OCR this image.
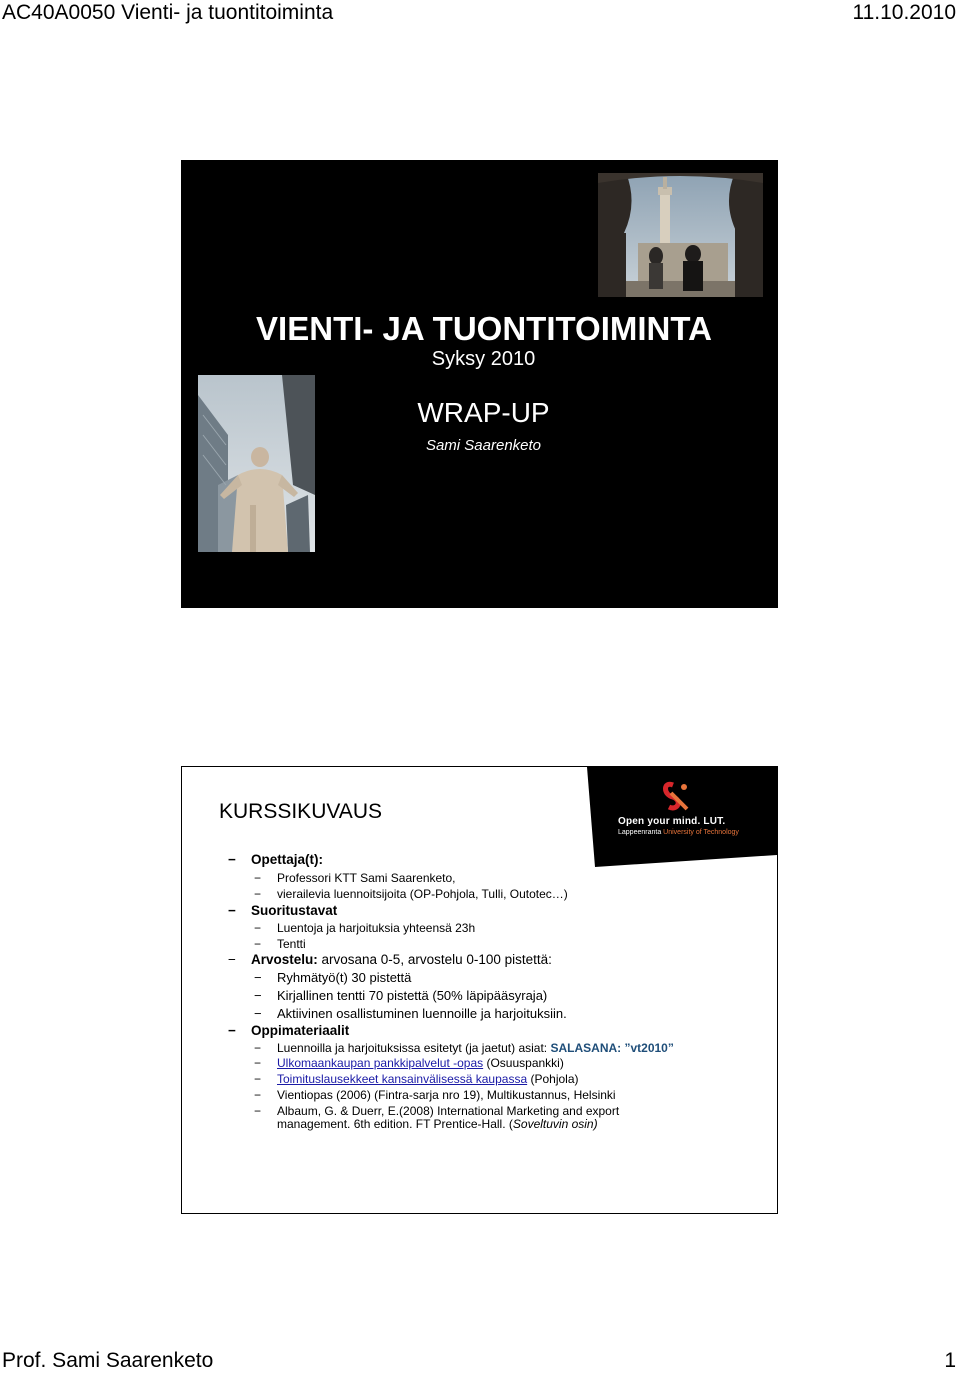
AC40A0050 Vienti- ja tuontitoiminta	11.10.2010
VIENTI- JA TUONTITOIMINTA
Syksy 2010
WRAP-UP
Sami Saarenketo
Open your mind. LUT.
Lappeenranta University of Technology
KURSSIKUVAUS
− Opettaja(t):
− Professori KTT Sami Saarenketo,
− vierailevia luennoitsijoita (OP-Pohjola, Tulli, Outotec…)
− Suoritustavat
− Luentoja ja harjoituksia yhteensä 23h
− Tentti
− Arvostelu: arvosana 0-5, arvostelu 0-100 pistettä:
− Ryhmätyö(t) 30 pistettä
− Kirjallinen tentti 70 pistettä (50% läpipääsyraja)
− Aktiivinen osallistuminen luennoille ja harjoituksiin.
− Oppimateriaalit
− Luennoilla ja harjoituksissa esitetyt (ja jaetut) asiat: SALASANA: ”vt2010”
− Ulkomaankaupan pankkipalvelut -opas (Osuuspankki)
− Toimituslausekkeet kansainvälisessä kaupassa (Pohjola)
− Vientiopas (2006) (Fintra-sarja nro 19), Multikustannus, Helsinki
− Albaum, G. & Duerr, E.(2008) International Marketing and export
management. 6th edition. FT Prentice-Hall. (Soveltuvin osin)
Prof. Sami Saarenketo	1
